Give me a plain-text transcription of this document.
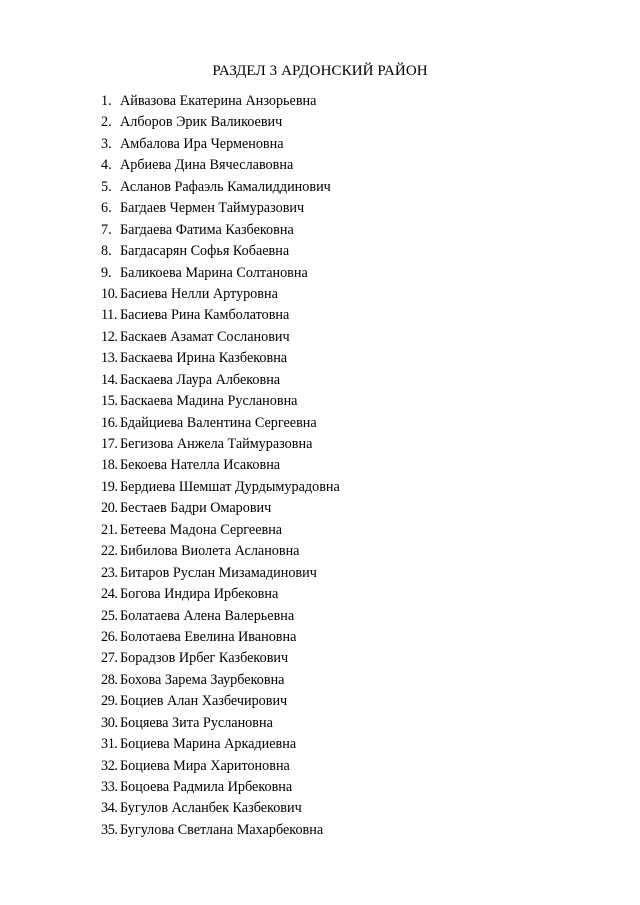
РАЗДЕЛ 3 АРДОНСКИЙ РАЙОН
1. Айвазова Екатерина Анзорьевна
2. Алборов Эрик Валикоевич
3. Амбалова Ира Черменовна
4. Арбиева Дина Вячеславовна
5. Асланов Рафаэль Камалиддинович
6. Багдаев Чермен Таймуразович
7. Багдаева Фатима Казбековна
8. Багдасарян Софья Кобаевна
9. Баликоева Марина Солтановна
10. Басиева Нелли Артуровна
11. Басиева Рина Камболатовна
12. Баскаев Азамат Сосланович
13. Баскаева Ирина Казбековна
14. Баскаева Лаура Албековна
15. Баскаева Мадина Руслановна
16. Бдайциева Валентина Сергеевна
17. Бегизова Анжела Таймуразовна
18. Бекоева Нателла Исаковна
19. Бердиева Шемшат Дурдымурадовна
20. Бестаев Бадри Омарович
21. Бетеева Мадона Сергеевна
22. Бибилова Виолета Аслановна
23. Битаров Руслан Мизамадинович
24. Богова Индира Ирбековна
25. Болатаева Алена Валерьевна
26. Болотаева Евелина Ивановна
27. Борадзов Ирбег Казбекович
28. Бохова Зарема Заурбековна
29. Боциев Алан Хазбечирович
30. Боцяева Зита Руслановна
31. Боциева Марина Аркадиевна
32. Боциева Мира Харитоновна
33. Боцоева Радмила Ирбековна
34. Бугулов Асланбек Казбекович
35. Бугулова Светлана Махарбековна
